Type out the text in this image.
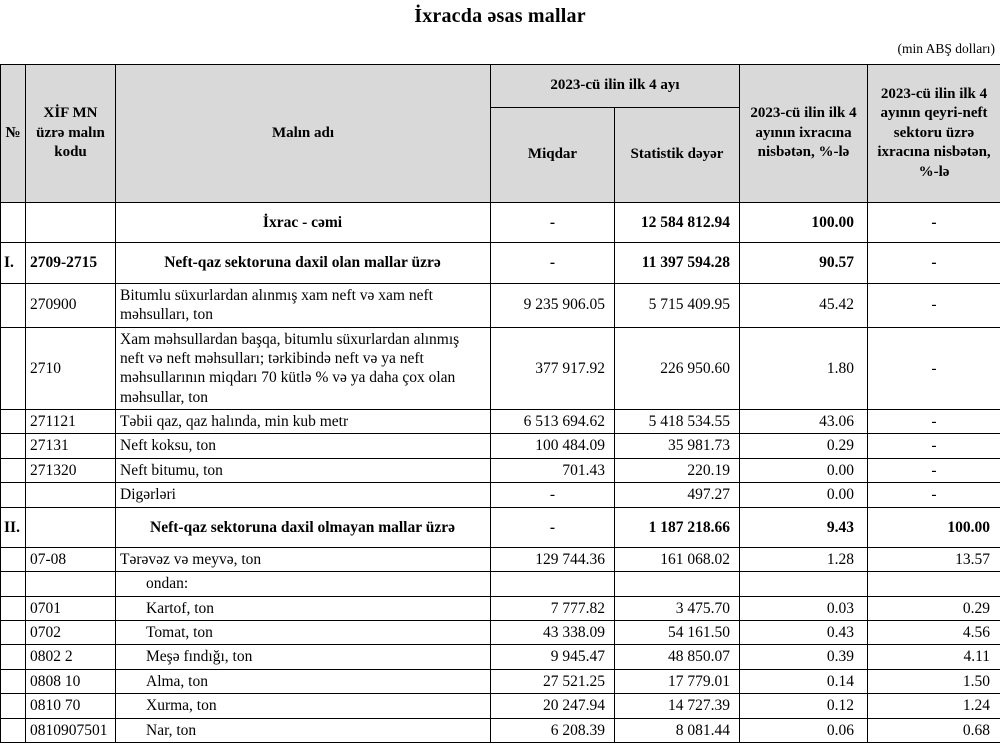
İxracda əsas mallar
(min ABŞ dolları)
№	XİF MN üzrə malın kodu	Malın adı	2023-cü ilin ilk 4 ayı		2023-cü ilin ilk 4 ayının ixracına nisbətən, %-lə	2023-cü ilin ilk 4 ayının qeyri-neft sektoru üzrə ixracına nisbətən, %-lə
			Miqdar	Statistik dəyər		
		İxrac - cəmi	-	12 584 812.94	100.00	-
I.	2709-2715	Neft-qaz sektoruna daxil olan mallar üzrə	-	11 397 594.28	90.57	-
	270900	Bitumlu süxurlardan alınmış xam neft və xam neft məhsulları, ton	9 235 906.05	5 715 409.95	45.42	-
	2710	Xam məhsullardan başqa, bitumlu süxurlardan alınmış neft və neft məhsulları; tərkibində neft və ya neft məhsullarının miqdarı 70 kütlə % və ya daha çox olan məhsullar, ton	377 917.92	226 950.60	1.80	-
	271121	Təbii qaz, qaz halında, min kub metr	6 513 694.62	5 418 534.55	43.06	-
	27131	Neft koksu, ton	100 484.09	35 981.73	0.29	-
	271320	Neft bitumu, ton	701.43	220.19	0.00	-
		Digərləri	-	497.27	0.00	-
II.		Neft-qaz sektoruna daxil olmayan mallar üzrə	-	1 187 218.66	9.43	100.00
	07-08	Tərəvəz və meyvə, ton	129 744.36	161 068.02	1.28	13.57
		ondan:				
	0701	Kartof, ton	7 777.82	3 475.70	0.03	0.29
	0702	Tomat, ton	43 338.09	54 161.50	0.43	4.56
	0802 2	Meşə fındığı, ton	9 945.47	48 850.07	0.39	4.11
	0808 10	Alma, ton	27 521.25	17 779.01	0.14	1.50
	0810 70	Xurma, ton	20 247.94	14 727.39	0.12	1.24
	0810907501	Nar, ton	6 208.39	8 081.44	0.06	0.68
